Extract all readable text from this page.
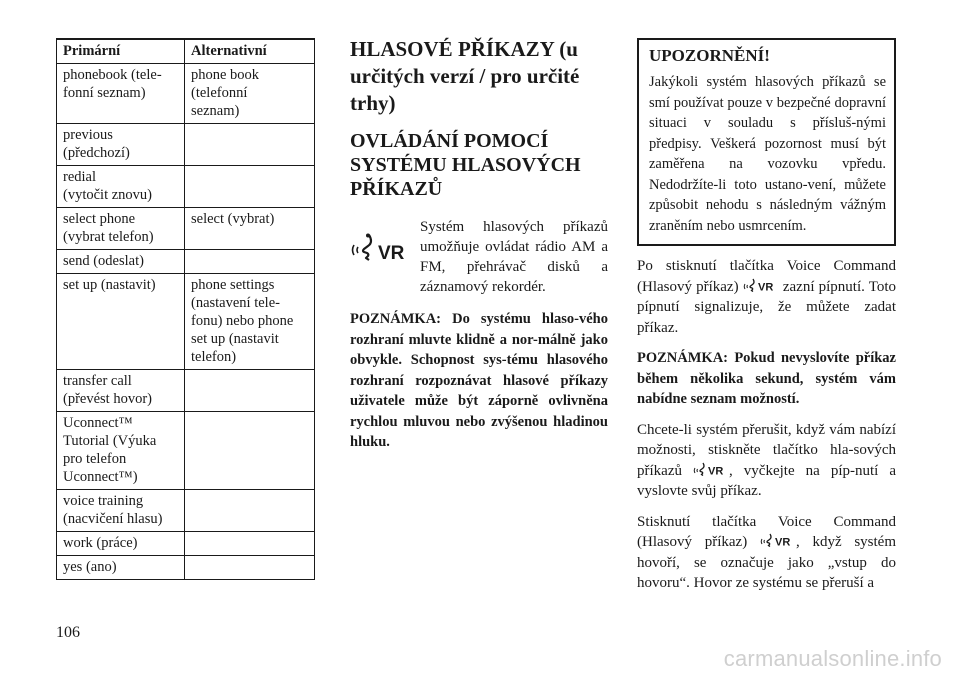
Primární	Alternativní

phonebook (tele-
fonní seznam)	phone book
(telefonní
seznam)

previous
(předchozí)	

redial
(vytočit znovu)	

select phone
(vybrat telefon)	select (vybrat)

send (odeslat)	

set up (nastavit)	phone settings
(nastavení tele-
fonu) nebo phone
set up (nastavit
telefon)

transfer call
(převést hovor)	

Uconnect™
Tutorial (Výuka
pro telefon
Uconnect™)	

voice training
(nacvičení hlasu)	

work (práce)	

yes (ano)	

HLASOVÉ PŘÍKAZY (u určitých verzí / pro určité trhy)
OVLÁDÁNÍ POMOCÍ SYSTÉMU HLASOVÝCH PŘÍKAZŮ
VR
Systém hlasových příkazů umožňuje ovládat rádio AM a FM, přehrávač disků a záznamový rekordér.
POZNÁMKA: Do systému hlaso-vého rozhraní mluvte klidně a nor-málně jako obvykle. Schopnost sys-tému hlasového rozhraní rozpoznávat hlasové příkazy uživatele může být záporně ovlivněna rychlou mluvou nebo zvýšenou hladinou hluku.
UPOZORNĚNÍ!
Jakýkoli systém hlasových příkazů se smí používat pouze v bezpečné dopravní situaci v souladu s přísluš-nými předpisy. Veškerá pozornost musí být zaměřena na vozovku vpředu. Nedodržíte-li toto ustano-vení, můžete způsobit nehodu s následným vážným zraněním nebo usmrcením.
Po stisknutí tlačítka Voice Command (Hlasový příkaz) VR zazní pípnutí. Toto pípnutí signalizuje, že můžete zadat příkaz.
POZNÁMKA: Pokud nevyslovíte příkaz během několika sekund, systém vám nabídne seznam možností.
Chcete-li systém přerušit, když vám nabízí možnosti, stiskněte tlačítko hla-sových příkazů VR , vyčkejte na píp-nutí a vyslovte svůj příkaz.
Stisknutí tlačítka Voice Command (Hlasový příkaz)	VR , když systém hovoří, se označuje jako „vstup do hovoru“. Hovor ze systému se přeruší a
106
carmanualsonline.info
